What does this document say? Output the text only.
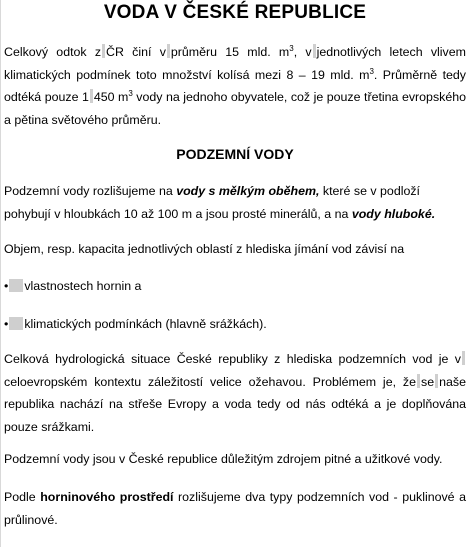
VODA V ČESKÉ REPUBLICE

Celkový odtok z ČR činí v průměru 15 mld. $m^3$, v jednotlivých letech vlivem klimatických podmínek toto množství kolísá mezi 8 – 19 mld. $m^3$. Průměrně tedy odtéká pouze 1 450 $m^3$ vody na jednoho obyvatele, což je pouze třetina evropského a pětina světového průměru.

PODZEMNÍ VODY

Podzemní vody rozlišujeme na vody s mělkým oběhem, které se v podloží pohybují v hloubkách 10 až 100 m a jsou prosté minerálů, a na vody hluboké.

Objem, resp. kapacita jednotlivých oblastí z hlediska jímání vod závisí na

• vlastnostech hornin a

• klimatických podmínkách (hlavně srážkách).

Celková hydrologická situace České republiky z hlediska podzemních vod je vceloevropském kontextu záležitostí velice ožehavou. Problémem je, že se naše republika nachází na střeše Evropy a voda tedy od nás odtéká a je doplňována pouze srážkami.

Podzemní vody jsou v České republice důležitým zdrojem pitné a užitkové vody.

Podle horninového prostředí rozlišujeme dva typy podzemních vod - puklinové a průlinové.
